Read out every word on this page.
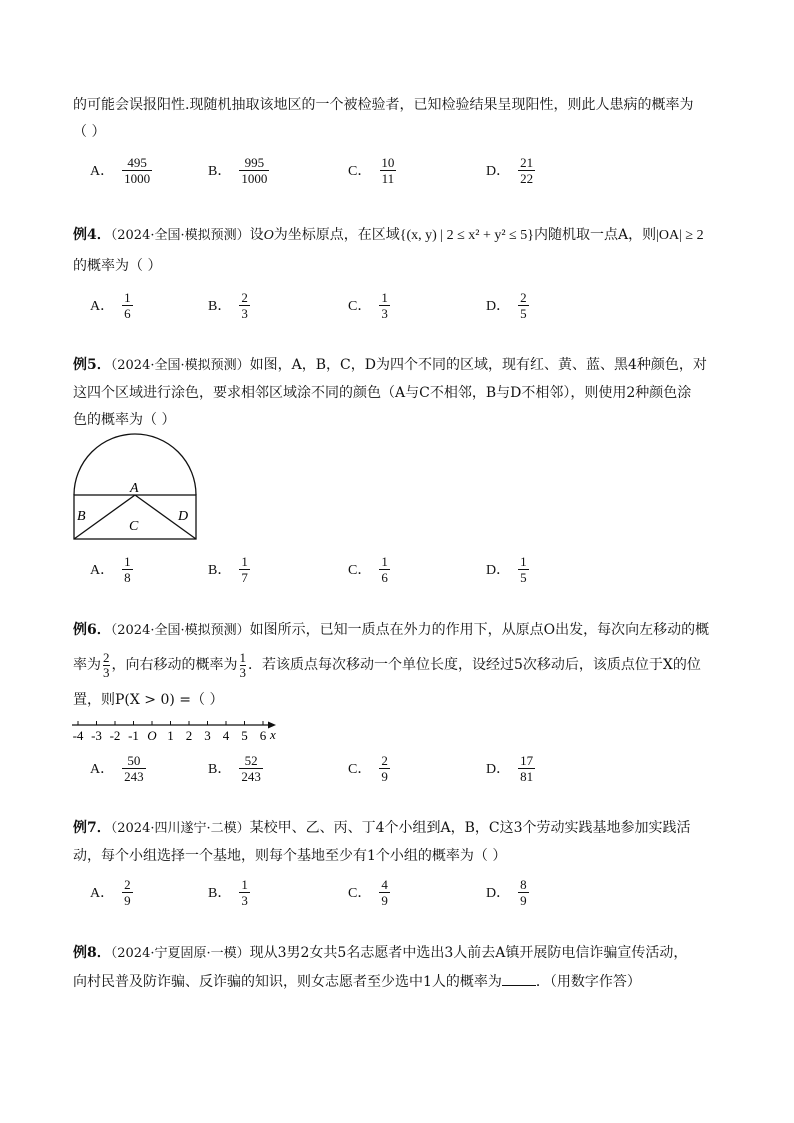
的可能会误报阳性.现随机抽取该地区的一个被检验者，已知检验结果呈现阳性，则此人患病的概率为
（ ）
A． $\frac{495}{1000}$	B． $\frac{995}{1000}$	C． $\frac{10}{11}$	D． $\frac{21}{22}$
例4．（2024·全国·模拟预测）设O为坐标原点，在区域{(x, y) | 2 ≤ x² + y² ≤ 5}内随机取一点A，则|OA| ≥ 2
的概率为（ ）
A． $\frac{1}{6}$	B． $\frac{2}{3}$	C． $\frac{1}{3}$	D． $\frac{2}{5}$
例5．（2024·全国·模拟预测）如图，A，B，C，D为四个不同的区域，现有红、黄、蓝、黑4种颜色，对
这四个区域进行涂色，要求相邻区域涂不同的颜色（A与C不相邻，B与D不相邻），则使用2种颜色涂
色的概率为（ ）
A
B
C
D
A． $\frac{1}{8}$	B． $\frac{1}{7}$	C． $\frac{1}{6}$	D． $\frac{1}{5}$
例6．（2024·全国·模拟预测）如图所示，已知一质点在外力的作用下，从原点O出发，每次向左移动的概
率为 $\frac{2}{3}$ ，向右移动的概率为 $\frac{1}{3}$ ．若该质点每次移动一个单位长度，设经过5次移动后，该质点位于X的位
置，则P(X > 0) =（ ）
-4 -3 -2 -1 O 1 2 3 4 5 6 x
A． $\frac{50}{243}$	B． $\frac{52}{243}$	C． $\frac{2}{9}$	D． $\frac{17}{81}$
例7．（2024·四川遂宁·二模）某校甲、乙、丙、丁4个小组到A，B，C这3个劳动实践基地参加实践活
动，每个小组选择一个基地，则每个基地至少有1个小组的概率为（ ）
A． $\frac{2}{9}$	B． $\frac{1}{3}$	C． $\frac{4}{9}$	D． $\frac{8}{9}$
例8．（2024·宁夏固原·一模）现从3男2女共5名志愿者中选出3人前去A镇开展防电信诈骗宣传活动，
向村民普及防诈骗、反诈骗的知识，则女志愿者至少选中1人的概率为 ．（用数字作答）
